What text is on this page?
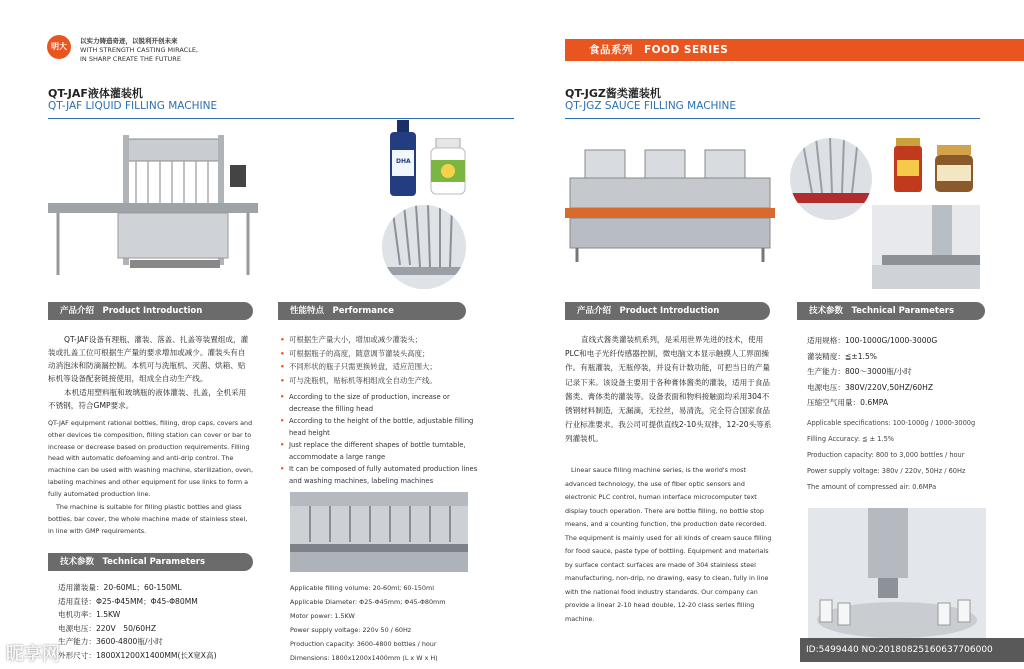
明大
以实力铸造奇迹，以锐利开创未来
WITH STRENGTH CASTING MIRACLE,
IN SHARP CREATE THE FUTURE
食品系列　FOOD SERIES
QT-JAF液体灌装机
QT-JAF LIQUID FILLING MACHINE
DHA
产品介绍　Product Introduction
QT-JAF设备有理瓶、灌装、落盖、扎盖等装置组成，灌装或扎盖工位可根据生产量的要求增加或减少。灌装头有自动消泡沫和防滴漏控制。本机可与洗瓶机、灭菌、烘箱、贴标机等设备配套链接使用，组成全自动生产线。
本机适用塑料瓶和玻璃瓶的液体灌装、扎盖，全机采用不锈钢，符合GMP要求。
QT-JAF equipment rational bottles, filling, drop caps, covers and other devices tie composition, filling station can cover or bar to increase or decrease based on production requirements. Filling head with automatic defoaming and anti-drip control. The machine can be used with washing machine, sterilization, oven, labeling machines and other equipment for use links to form a fully automated production line.
The machine is suitable for filling plastic bottles and glass bottles, bar cover, the whole machine made of stainless steel, in line with GMP requirements.
性能特点　Performance Characteristics
• 可根据生产量大小，增加或减少灌装头；
• 可根据瓶子的高度，随意调节灌装头高度；
• 不同形状的瓶子只需更换转盘，适应范围大；
• 可与洗瓶机，贴标机等相组成全自动生产线。
• According to the size of production, increase or decrease the filling head
• According to the height of the bottle, adjustable filling head height
• Just replace the different shapes of bottle turntable, accommodate a large range
• It can be composed of fully automated production lines and washing machines, labeling machines
技术参数　Technical Parameters
适用灌装量：20-60ML；60-150ML
适用直径：Φ25-Φ45MM；Φ45-Φ80MM
电机功率：1.5KW
电源电压：220V　50/60HZ
生产能力：3600-4800瓶/小时
外形尺寸：1800X1200X1400MM(长X宽X高)
Applicable filling volume: 20-60ml; 60-150ml
Applicable Diameter: Φ25-Φ45mm; Φ45-Φ80mm
Motor power: 1.5KW
Power supply voltage: 220v 50 / 60Hz
Production capacity: 3600-4800 bottles / hour
Dimensions: 1800x1200x1400mm (L x W x H)
QT-JGZ酱类灌装机
QT-JGZ SAUCE FILLING MACHINE
产品介绍　Product Introduction
直线式酱类灌装机系列，是采用世界先进的技术，使用PLC和电子光纤传感器控制，微电脑文本显示触摸人工界面操作。有瓶灌装，无瓶停装，并设有计数功能，可把当日的产量记录下来。该设备主要用于各种膏体酱类的灌装，适用于食品酱类、膏体类的灌装等。设备表面和物料接触面均采用304不锈钢材料制造，无漏滴，无拉丝，易清洗，完全符合国家食品行业标准要求。我公司可提供直线2-10头双排，12-20头等系列灌装机。
Linear sauce filling machine series, is the world's most advanced technology, the use of fiber optic sensors and electronic PLC control, human interface microcomputer text display touch operation. There are bottle filling, no bottle stop means, and a counting function, the production date recorded. The equipment is mainly used for all kinds of cream sauce filling for food sauce, paste type of bottling. Equipment and materials by surface contact surfaces are made of 304 stainless steel manufacturing, non-drip, no drawing, easy to clean, fully in line with the national food industry standards. Our company can provide a linear 2-10 head double, 12-20 class series filling machine.
技术参数　Technical Parameters
适用规格：100-1000G/1000-3000G
灌装精度：≦±1.5%
生产能力：800～3000瓶/小时
电源电压：380V/220V,50HZ/60HZ
压缩空气用量：0.6MPA
Applicable specifications: 100-1000g / 1000-3000g
Filling Accuracy: ≦ ± 1.5%
Production capacity: 800 to 3,000 bottles / hour
Power supply voltage: 380v / 220v, 50Hz / 60Hz
The amount of compressed air: 0.6MPa
昵享网	ID:5499440 NO:20180825160637706000
